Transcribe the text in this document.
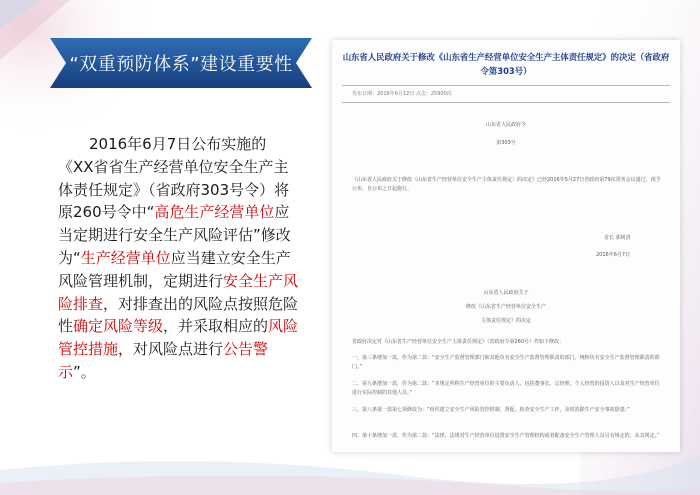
“双重预防体系”建设重要性
2016年6月7日公布实施的《XX省省生产经营单位安全生产主体责任规定》（省政府303号令）将原260号令中“高危生产经营单位应当定期进行安全生产风险评估”修改为“生产经营单位应当建立安全生产风险管理机制，定期进行安全生产风险排查，对排查出的风险点按照危险性确定风险等级，并采取相应的风险管控措施，对风险点进行公告警示”。
山东省人民政府关于修改《山东省生产经营单位安全生产主体责任规定》的决定（省政府
令第303号）
发布日期：2016年6月12日 点击：25900次
山东省人民政府令
第303号
《山东省人民政府关于修改〈山东省生产经营单位安全生产主体责任规定〉的决定》已经2016年5月27日省政府第79次常务会议通过，现予公布，自公布之日起施行。
省长 郭树清
2016年6月7日
山东省人民政府关于
修改《山东省生产经营单位安全生产
主体责任规定》的决定
省政府决定对《山东省生产经营单位安全生产主体责任规定》（省政府令第260号）作如下修改：
一、第三条增加一款，作为第二款：“安全生产监督管理部门和其他负有安全生产监督管理职责的部门，统称负有安全生产监督管理职责的部门。”
二、第九条增加一款，作为第二款：“本规定所称生产经营单位的主要负责人，包括董事长、总经理、个人经营的投资人以及对生产经营单位进行实际控制的其他人员。”
三、第八条第一款第七项修改为：“组织建立安全生产风险管控机制，督促、检查安全生产工作，及时消除生产安全事故隐患；”
四、第十条增加一款，作为第二款：“法律、法规对生产经营单位设置安全生产管理机构或者配备安全生产管理人员另有规定的，从其规定。”
